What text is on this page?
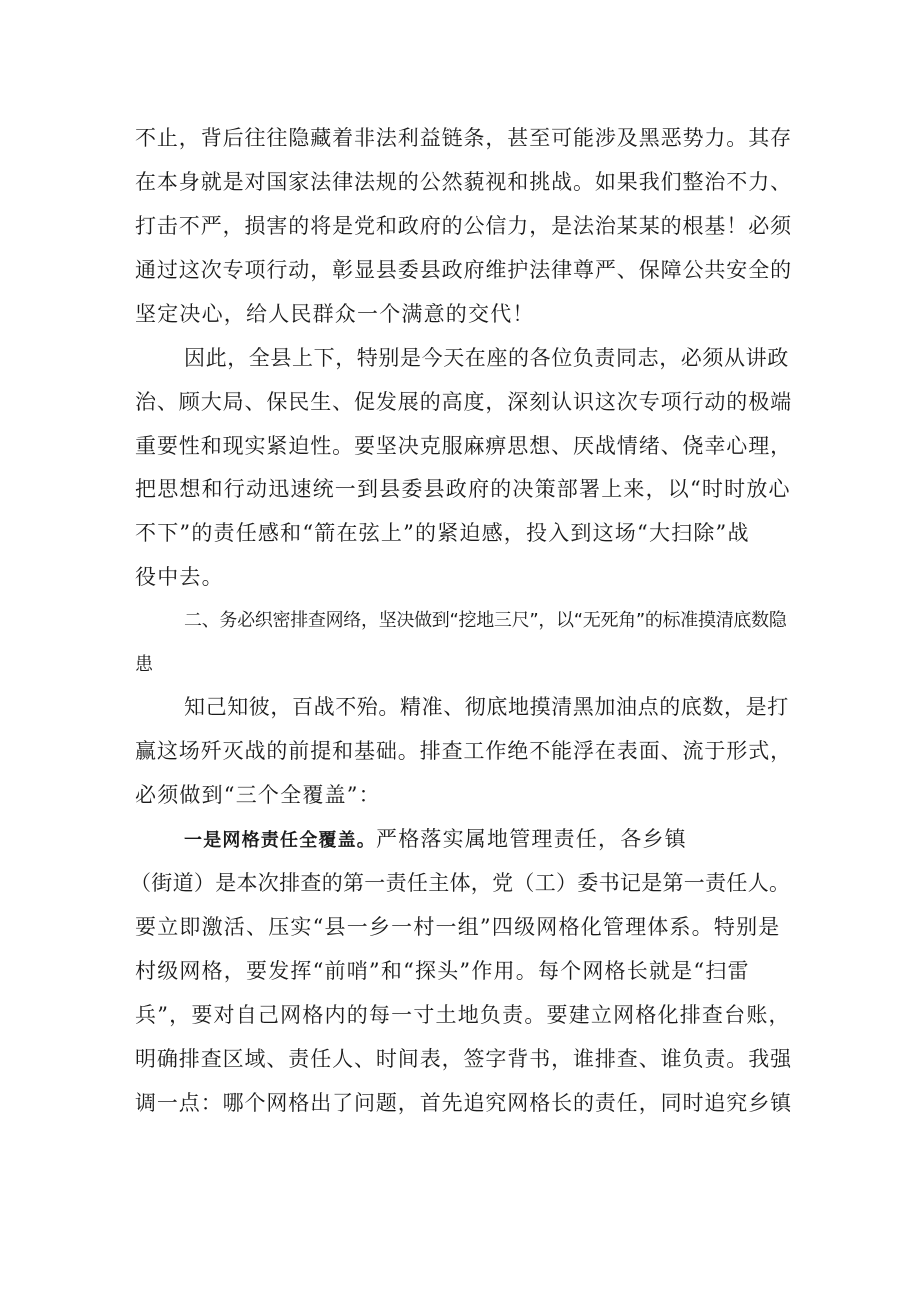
不止，背后往往隐藏着非法利益链条，甚至可能涉及黑恶势力。其存
在本身就是对国家法律法规的公然藐视和挑战。如果我们整治不力、
打击不严，损害的将是党和政府的公信力，是法治某某的根基！必须
通过这次专项行动，彰显县委县政府维护法律尊严、保障公共安全的
坚定决心，给人民群众一个满意的交代！
因此，全县上下，特别是今天在座的各位负责同志，必须从讲政
治、顾大局、保民生、促发展的高度，深刻认识这次专项行动的极端
重要性和现实紧迫性。要坚决克服麻痹思想、厌战情绪、侥幸心理，
把思想和行动迅速统一到县委县政府的决策部署上来，以“时时放心
不下”的责任感和“箭在弦上”的紧迫感，投入到这场“大扫除”战
役中去。
二、务必织密排查网络，坚决做到“挖地三尺”，以“无死角”的标准摸清底数隐
患
知己知彼，百战不殆。精准、彻底地摸清黑加油点的底数，是打
赢这场歼灭战的前提和基础。排查工作绝不能浮在表面、流于形式，
必须做到“三个全覆盖”：
一是网格责任全覆盖。严格落实属地管理责任，各乡镇
（街道）是本次排查的第一责任主体，党（工）委书记是第一责任人。
要立即激活、压实“县一乡一村一组”四级网格化管理体系。特别是
村级网格，要发挥“前哨”和“探头”作用。每个网格长就是“扫雷
兵”，要对自己网格内的每一寸土地负责。要建立网格化排查台账，
明确排查区域、责任人、时间表，签字背书，谁排查、谁负责。我强
调一点：哪个网格出了问题，首先追究网格长的责任，同时追究乡镇
